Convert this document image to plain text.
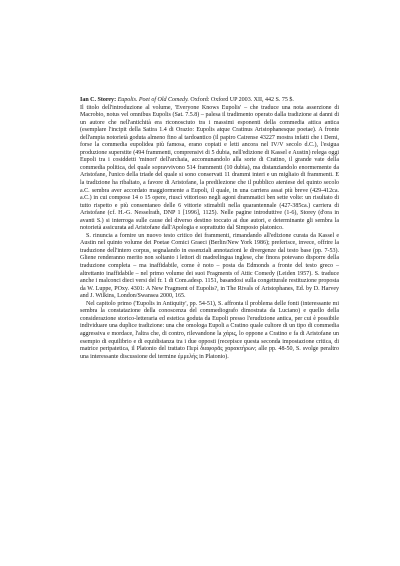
Ian C. Storey: Eupolis. Poet of Old Comedy. Oxford: Oxford UP 2003. XII, 442 S. 75 $.

Il titolo dell'introduzione al volume, 'Everyone Knows Eupolis' – che traduce una nota asserzione di Macrobio, notus vel omnibus Eupolis (Sat. 7.5.8) – palesa il tradimento operato dalla tradizione ai danni di un autore che nell'antichità era riconosciuto tra i massimi esponenti della commedia attica antica (esemplare l'incipit della Satira 1.4 di Orazio: Eupolis atque Cratinus Aristophanesque poetae). A fronte dell'ampia notorietà goduta almeno fino al tardoantico (il papiro Cairense 43227 mostra infatti che i Demi, forse la commedia eupolidea più famosa, erano copiati e letti ancora nel IV/V secolo d.C.), l'esigua produzione superstite (494 frammenti, comprensivi di 5 dubia, nell'edizione di Kassel e Austin) relega oggi Eupoli tra i cosiddetti 'minori' dell'archaia, accomunandolo alla sorte di Cratino, il grande vate della commedia politica, del quale sopravvivono 514 frammenti (10 dubia), ma distanziandolo enormemente da Aristofane, l'unico della triade del quale si sono conservati 11 drammi interi e un migliaio di frammenti. E la tradizione ha ribaltato, a favore di Aristofane, la predilezione che il pubblico ateniese del quinto secolo a.C. sembra aver accordato maggiormente a Eupoli, il quale, in una carriera assai più breve (429-412ca. a.C.) in cui compose 14 o 15 opere, riuscì vittorioso negli agoni drammatici ben sette volte: un risultato di tutto rispetto e più consentaneo delle 6 vittorie stimabili nella quarantennale (427-385ca.) carriera di Aristofane (cf. H.-G. Nesselrath, DNP 1 [1996], 1125). Nelle pagine introduttive (1-6), Storey (d'ora in avanti S.) si interroga sulle cause del diverso destino toccato ai due autori, e determinante gli sembra la notorietà assicurata ad Aristofane dall'Apologia e soprattutto dal Simposio platonico.

S. rinuncia a fornire un nuovo testo critico dei frammenti, rimandando all'edizione curata da Kassel e Austin nel quinto volume dei Poetae Comici Graeci (Berlin/New York 1986); preferisce, invece, offrire la traduzione dell'intero corpus, segnalando in essenziali annotazioni le divergenze dal testo base (pp. 7-53). Gliene renderanno merito non soltanto i lettori di madrelingua inglese, che finora potevano disporre della traduzione completa – ma inaffidabile, come è noto – posta da Edmonds a fronte del testo greco – altrettanto inaffidabile – nel primo volume dei suoi Fragments of Attic Comedy (Leiden 1957). S. traduce anche i malconci dieci versi del fr. 1 di Com.adesp. 1151, basandosi sulla congetturale restituzione proposta da W. Luppe, POxy. 4301: A New Fragment of Eupolis?, in The Rivals of Aristophanes, Ed. by D. Harvey and J. Wilkins, London/Swansea 2000, 165.

Nel capitolo primo ('Eupolis in Antiquity', pp. 54-51), S. affronta il problema delle fonti (interessante mi sembra la constatazione della conoscenza del commediografo dimostrata da Luciano) e quello della considerazione storico-letteraria ed estetica goduta da Eupoli presso l'erudizione antica, per cui è possibile individuare una duplice tradizione: una che omologa Eupoli a Cratino quale cultore di un tipo di commedia aggressiva e mordace, l'altra che, di contro, rilevandone la χάρις, lo oppone a Cratino e fa di Aristofane un esempio di equilibrio e di equidistanza tra i due opposti (recepisce questa seconda impostazione critica, di matrice peripatetica, il Platonio del trattato Περὶ διαφορᾶς χαρακτήρων; alle pp. 48-50, S. svolge peraltro una interessante discussione del termine ἐμμελής in Platonio).
